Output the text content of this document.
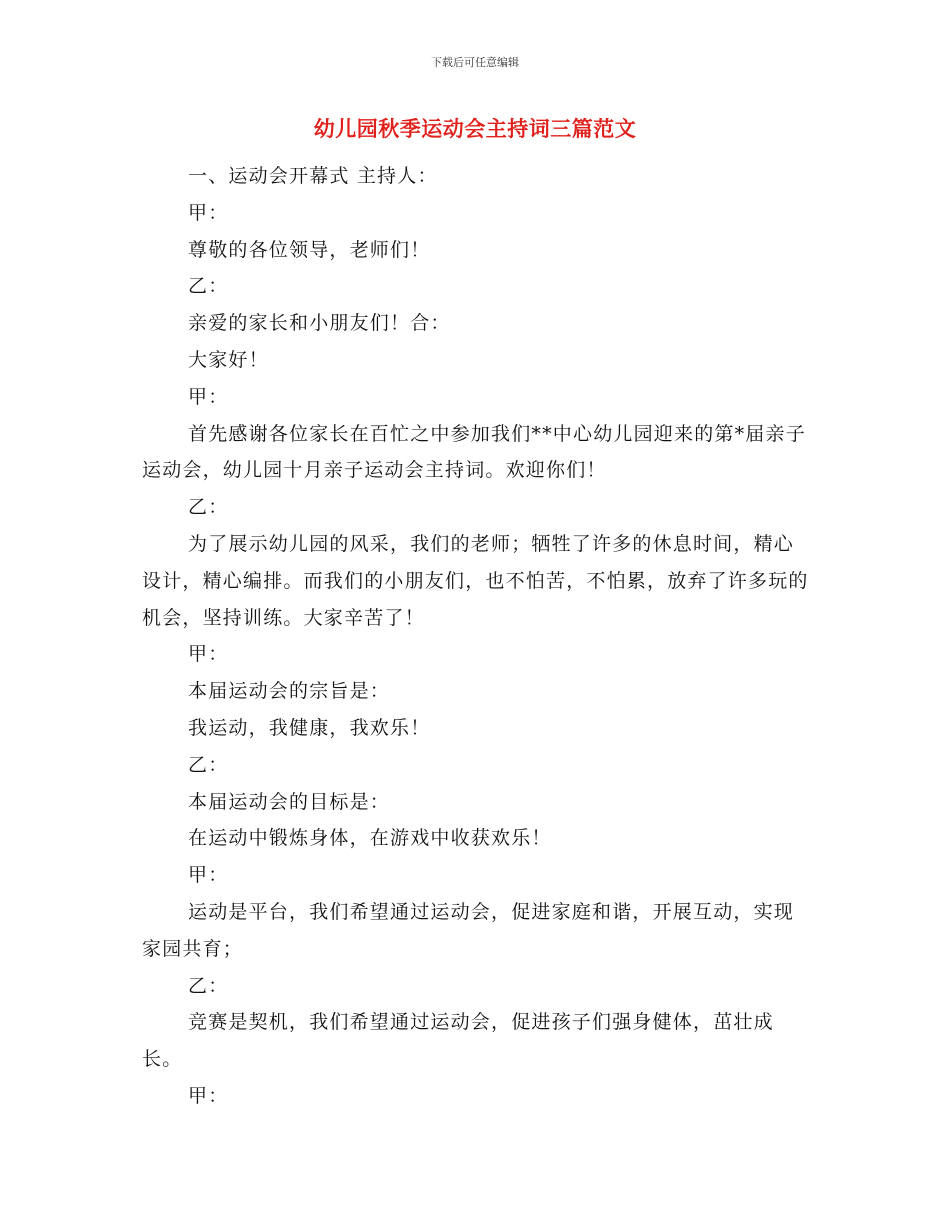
下载后可任意编辑
幼儿园秋季运动会主持词三篇范文

一、运动会开幕式 主持人：

甲：

尊敬的各位领导，老师们！

乙：

亲爱的家长和小朋友们！合：

大家好！

甲：

首先感谢各位家长在百忙之中参加我们**中心幼儿园迎来的第*届亲子运动会，幼儿园十月亲子运动会主持词。欢迎你们！

乙：

为了展示幼儿园的风采，我们的老师；牺牲了许多的休息时间，精心设计，精心编排。而我们的小朋友们，也不怕苦，不怕累，放弃了许多玩的机会，坚持训练。大家辛苦了！

甲：

本届运动会的宗旨是：

我运动，我健康，我欢乐！

乙：

本届运动会的目标是：

在运动中锻炼身体，在游戏中收获欢乐！

甲：

运动是平台，我们希望通过运动会，促进家庭和谐，开展互动，实现家园共育；

乙：

竞赛是契机，我们希望通过运动会，促进孩子们强身健体，茁壮成长。

甲：
